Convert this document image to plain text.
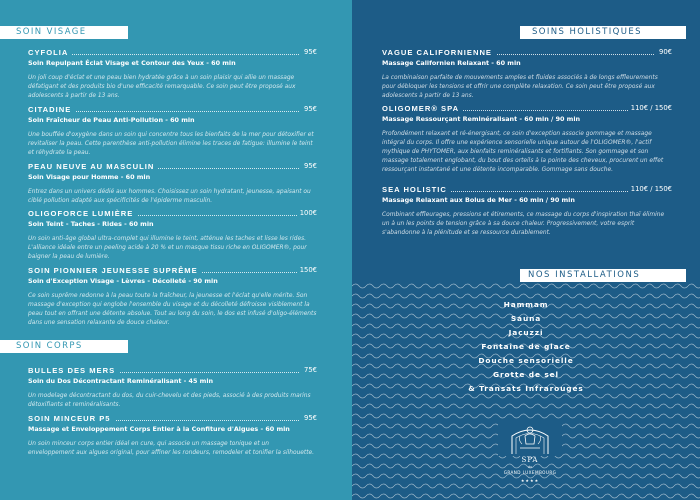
SOIN VISAGE
CYFOLIA	95€
Soin Repulpant Éclat Visage et Contour des Yeux - 60 min
Un joli coup d'éclat et une peau bien hydratée grâce à un soin plaisir qui allie un massage défatigant et des produits bio d'une efficacité remarquable. Ce soin peut être proposé aux adolescents à partir de 13 ans.
CITADINE	95€
Soin Fraîcheur de Peau Anti-Pollution - 60 min
Une bouffée d'oxygène dans un soin qui concentre tous les bienfaits de la mer pour détoxifier et revitaliser la peau. Cette parenthèse anti-pollution élimine les traces de fatigue: illumine le teint et réhydrate la peau.
PEAU NEUVE AU MASCULIN	95€
Soin Visage pour Homme - 60 min
Entrez dans un univers dédié aux hommes. Choisissez un soin hydratant, jeunesse, apaisant ou ciblé pollution adapté aux spécificités de l'épiderme masculin.
OLIGOFORCE LUMIÈRE	100€
Soin Teint - Taches - Rides - 60 min
Un soin anti-âge global ultra-complet qui illumine le teint, atténue les taches et lisse les rides. L'alliance idéale entre un peeling acide à 20 % et un masque tissu riche en OLIGOMER®, pour baigner la peau de lumière.
SOIN PIONNIER JEUNESSE SUPRÊME	150€
Soin d'Exception Visage - Lèvres - Décolleté - 90 min
Ce soin suprême redonne à la peau toute la fraîcheur, la jeunesse et l'éclat qu'elle mérite. Son massage d'exception qui englobe l'ensemble du visage et du décolleté défroisse visiblement la peau tout en offrant une détente absolue. Tout au long du soin, le dos est infusé d'oligo-éléments dans une sensation relaxante de douce chaleur.
SOIN CORPS
BULLES DES MERS	75€
Soin du Dos Décontractant Reminéralisant - 45 min
Un modelage décontractant du dos, du cuir-chevelu et des pieds, associé à des produits marins détoxifiants et reminéralisants.
SOIN MINCEUR P5	95€
Massage et Enveloppement Corps Entier à la Confiture d'Algues - 60 min
Un soin minceur corps entier idéal en cure, qui associe un massage tonique et un enveloppement aux algues original, pour affiner les rondeurs, remodeler et tonifier la silhouette.
SOINS HOLISTIQUES
VAGUE CALIFORNIENNE	90€
Massage Californien Relaxant - 60 min
La combinaison parfaite de mouvements amples et fluides associés à de longs effleurements pour débloquer les tensions et offrir une complète relaxation. Ce soin peut être proposé aux adolescents à partir de 13 ans.
OLIGOMER® SPA	110€ / 150€
Massage Ressourçant Reminéralisant - 60 min / 90 min
Profondément relaxant et ré-énergisant, ce soin d'exception associe gommage et massage intégral du corps. Il offre une expérience sensorielle unique autour de l'OLIGOMER®, l'actif mythique de PHYTOMER, aux bienfaits reminéralisants et fortifiants. Son gommage et son massage totalement englobant, du bout des orteils à la pointe des cheveux, procurent un effet ressourçant instantané et une détente incomparable. Gommage sans douche.
SEA HOLISTIC	110€ / 150€
Massage Relaxant aux Bolus de Mer - 60 min / 90 min
Combinant effleurages, pressions et étirements, ce massage du corps d'inspiration thaï élimine un à un les points de tension grâce à sa douce chaleur. Progressivement, votre esprit s'abandonne à la plénitude et se ressource durablement.
NOS INSTALLATIONS
Hammam
Sauna
Jacuzzi
Fontaine de glace
Douche sensorielle
Grotte de sel
& Transats Infrarouges
SPA
du
GRAND LUXEMBOURG
★★★★
